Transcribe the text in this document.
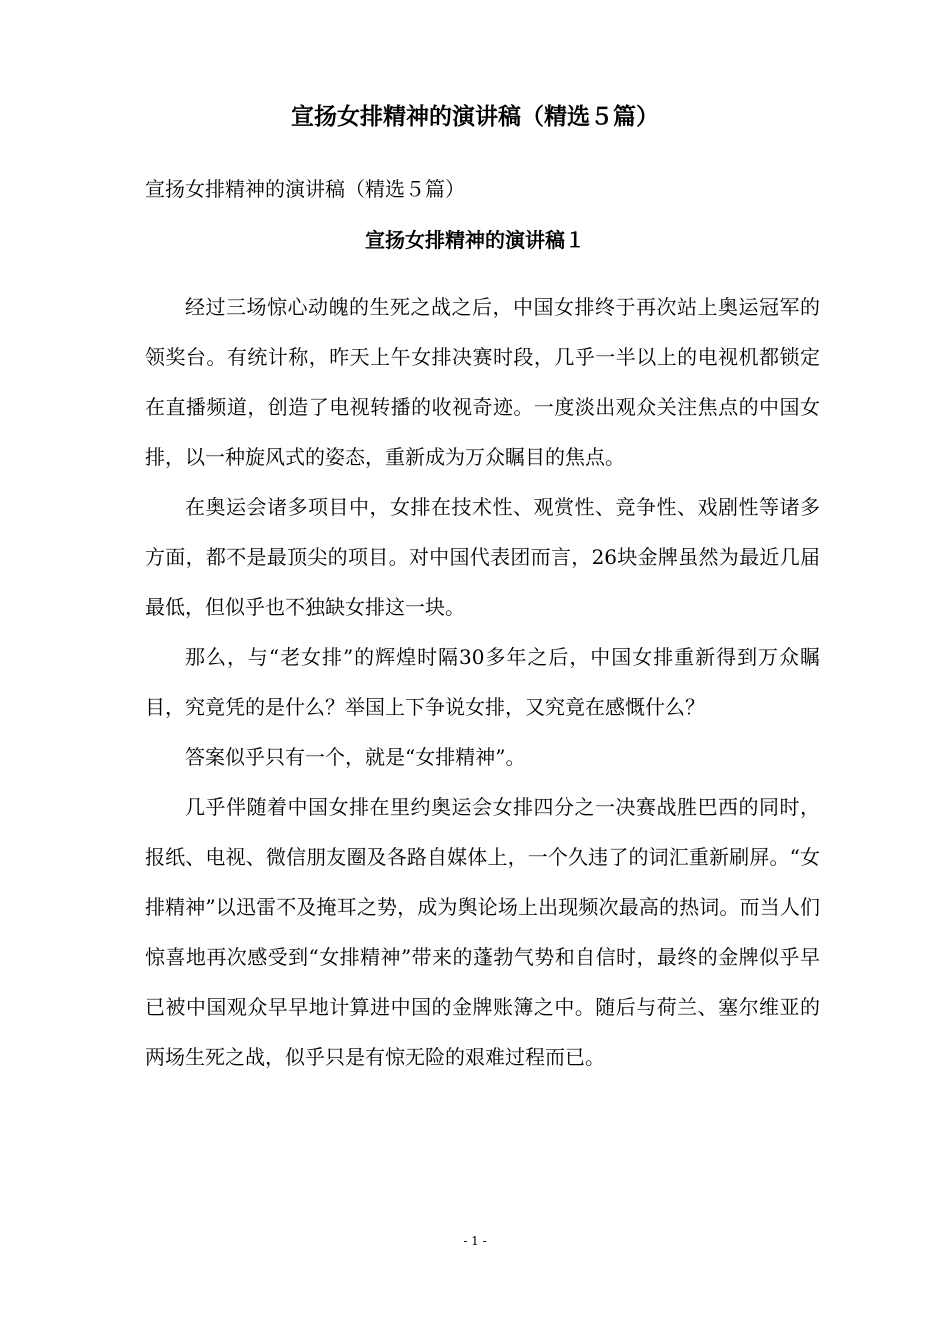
宣扬女排精神的演讲稿（精选５篇）
宣扬女排精神的演讲稿（精选５篇）
宣扬女排精神的演讲稿１

经过三场惊心动魄的生死之战之后，中国女排终于再次站上奥运冠军的领奖台。有统计称，昨天上午女排决赛时段，几乎一半以上的电视机都锁定在直播频道，创造了电视转播的收视奇迹。一度淡出观众关注焦点的中国女排，以一种旋风式的姿态，重新成为万众瞩目的焦点。

在奥运会诸多项目中，女排在技术性、观赏性、竞争性、戏剧性等诸多方面，都不是最顶尖的项目。对中国代表团而言，26块金牌虽然为最近几届最低，但似乎也不独缺女排这一块。

那么，与“老女排”的辉煌时隔30多年之后，中国女排重新得到万众瞩目，究竟凭的是什么？举国上下争说女排，又究竟在感慨什么？

答案似乎只有一个，就是“女排精神”。

几乎伴随着中国女排在里约奥运会女排四分之一决赛战胜巴西的同时，报纸、电视、微信朋友圈及各路自媒体上，一个久违了的词汇重新刷屏。“女排精神”以迅雷不及掩耳之势，成为舆论场上出现频次最高的热词。而当人们惊喜地再次感受到“女排精神”带来的蓬勃气势和自信时，最终的金牌似乎早已被中国观众早早地计算进中国的金牌账簿之中。随后与荷兰、塞尔维亚的两场生死之战，似乎只是有惊无险的艰难过程而已。

- 1 -
